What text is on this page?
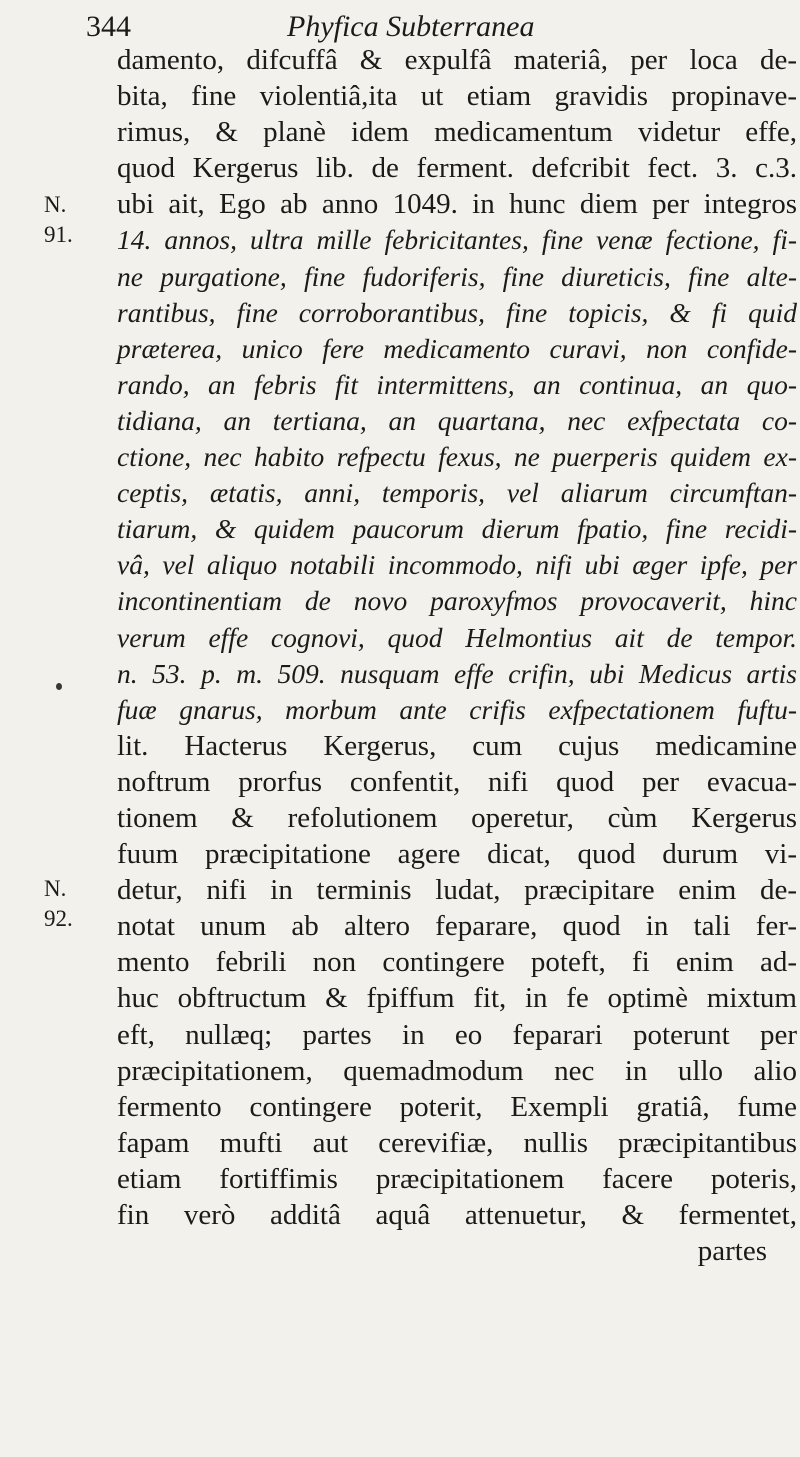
344	Phyfica Subterranea
N.
91.
N.
92.
damento, difcuffâ & expulfâ materiâ, per loca de-
bita, fine violentiâ,ita ut etiam gravidis propinave-
rimus, & planè idem medicamentum videtur effe,
quod Kergerus lib. de ferment. defcribit fect. 3. c.3.
ubi ait, Ego ab anno 1049. in hunc diem per integros
14. annos, ultra mille febricitantes, fine venæ fectione, fi-
ne purgatione, fine fudoriferis, fine diureticis, fine alte-
rantibus, fine corroborantibus, fine topicis, & fi quid
præterea, unico fere medicamento curavi, non confide-
rando, an febris fit intermittens, an continua, an quo-
tidiana, an tertiana, an quartana, nec exfpectata co-
ctione, nec habito refpectu fexus, ne puerperis quidem ex-
ceptis, ætatis, anni, temporis, vel aliarum circumftan-
tiarum, & quidem paucorum dierum fpatio, fine recidi-
vâ, vel aliquo notabili incommodo, nifi ubi æger ipfe, per
incontinentiam de novo paroxyfmos provocaverit, hinc
verum effe cognovi, quod Helmontius ait de tempor.
n. 53. p. m. 509. nusquam effe crifin, ubi Medicus artis
fuæ gnarus, morbum ante crifis exfpectationem fuftu-
lit. Hacterus Kergerus, cum cujus medicamine
noftrum prorfus confentit, nifi quod per evacua-
tionem & refolutionem operetur, cùm Kergerus
fuum præcipitatione agere dicat, quod durum vi-
detur, nifi in terminis ludat, præcipitare enim de-
notat unum ab altero feparare, quod in tali fer-
mento febrili non contingere poteft, fi enim ad-
huc obftructum & fpiffum fit, in fe optimè mixtum
eft, nullæq; partes in eo feparari poterunt per
præcipitationem, quemadmodum nec in ullo alio
fermento contingere poterit, Exempli gratiâ, fume
fapam mufti aut cerevifiæ, nullis præcipitantibus
etiam fortiffimis præcipitationem facere poteris,
fin verò additâ aquâ attenuetur, & fermentet,
partes
